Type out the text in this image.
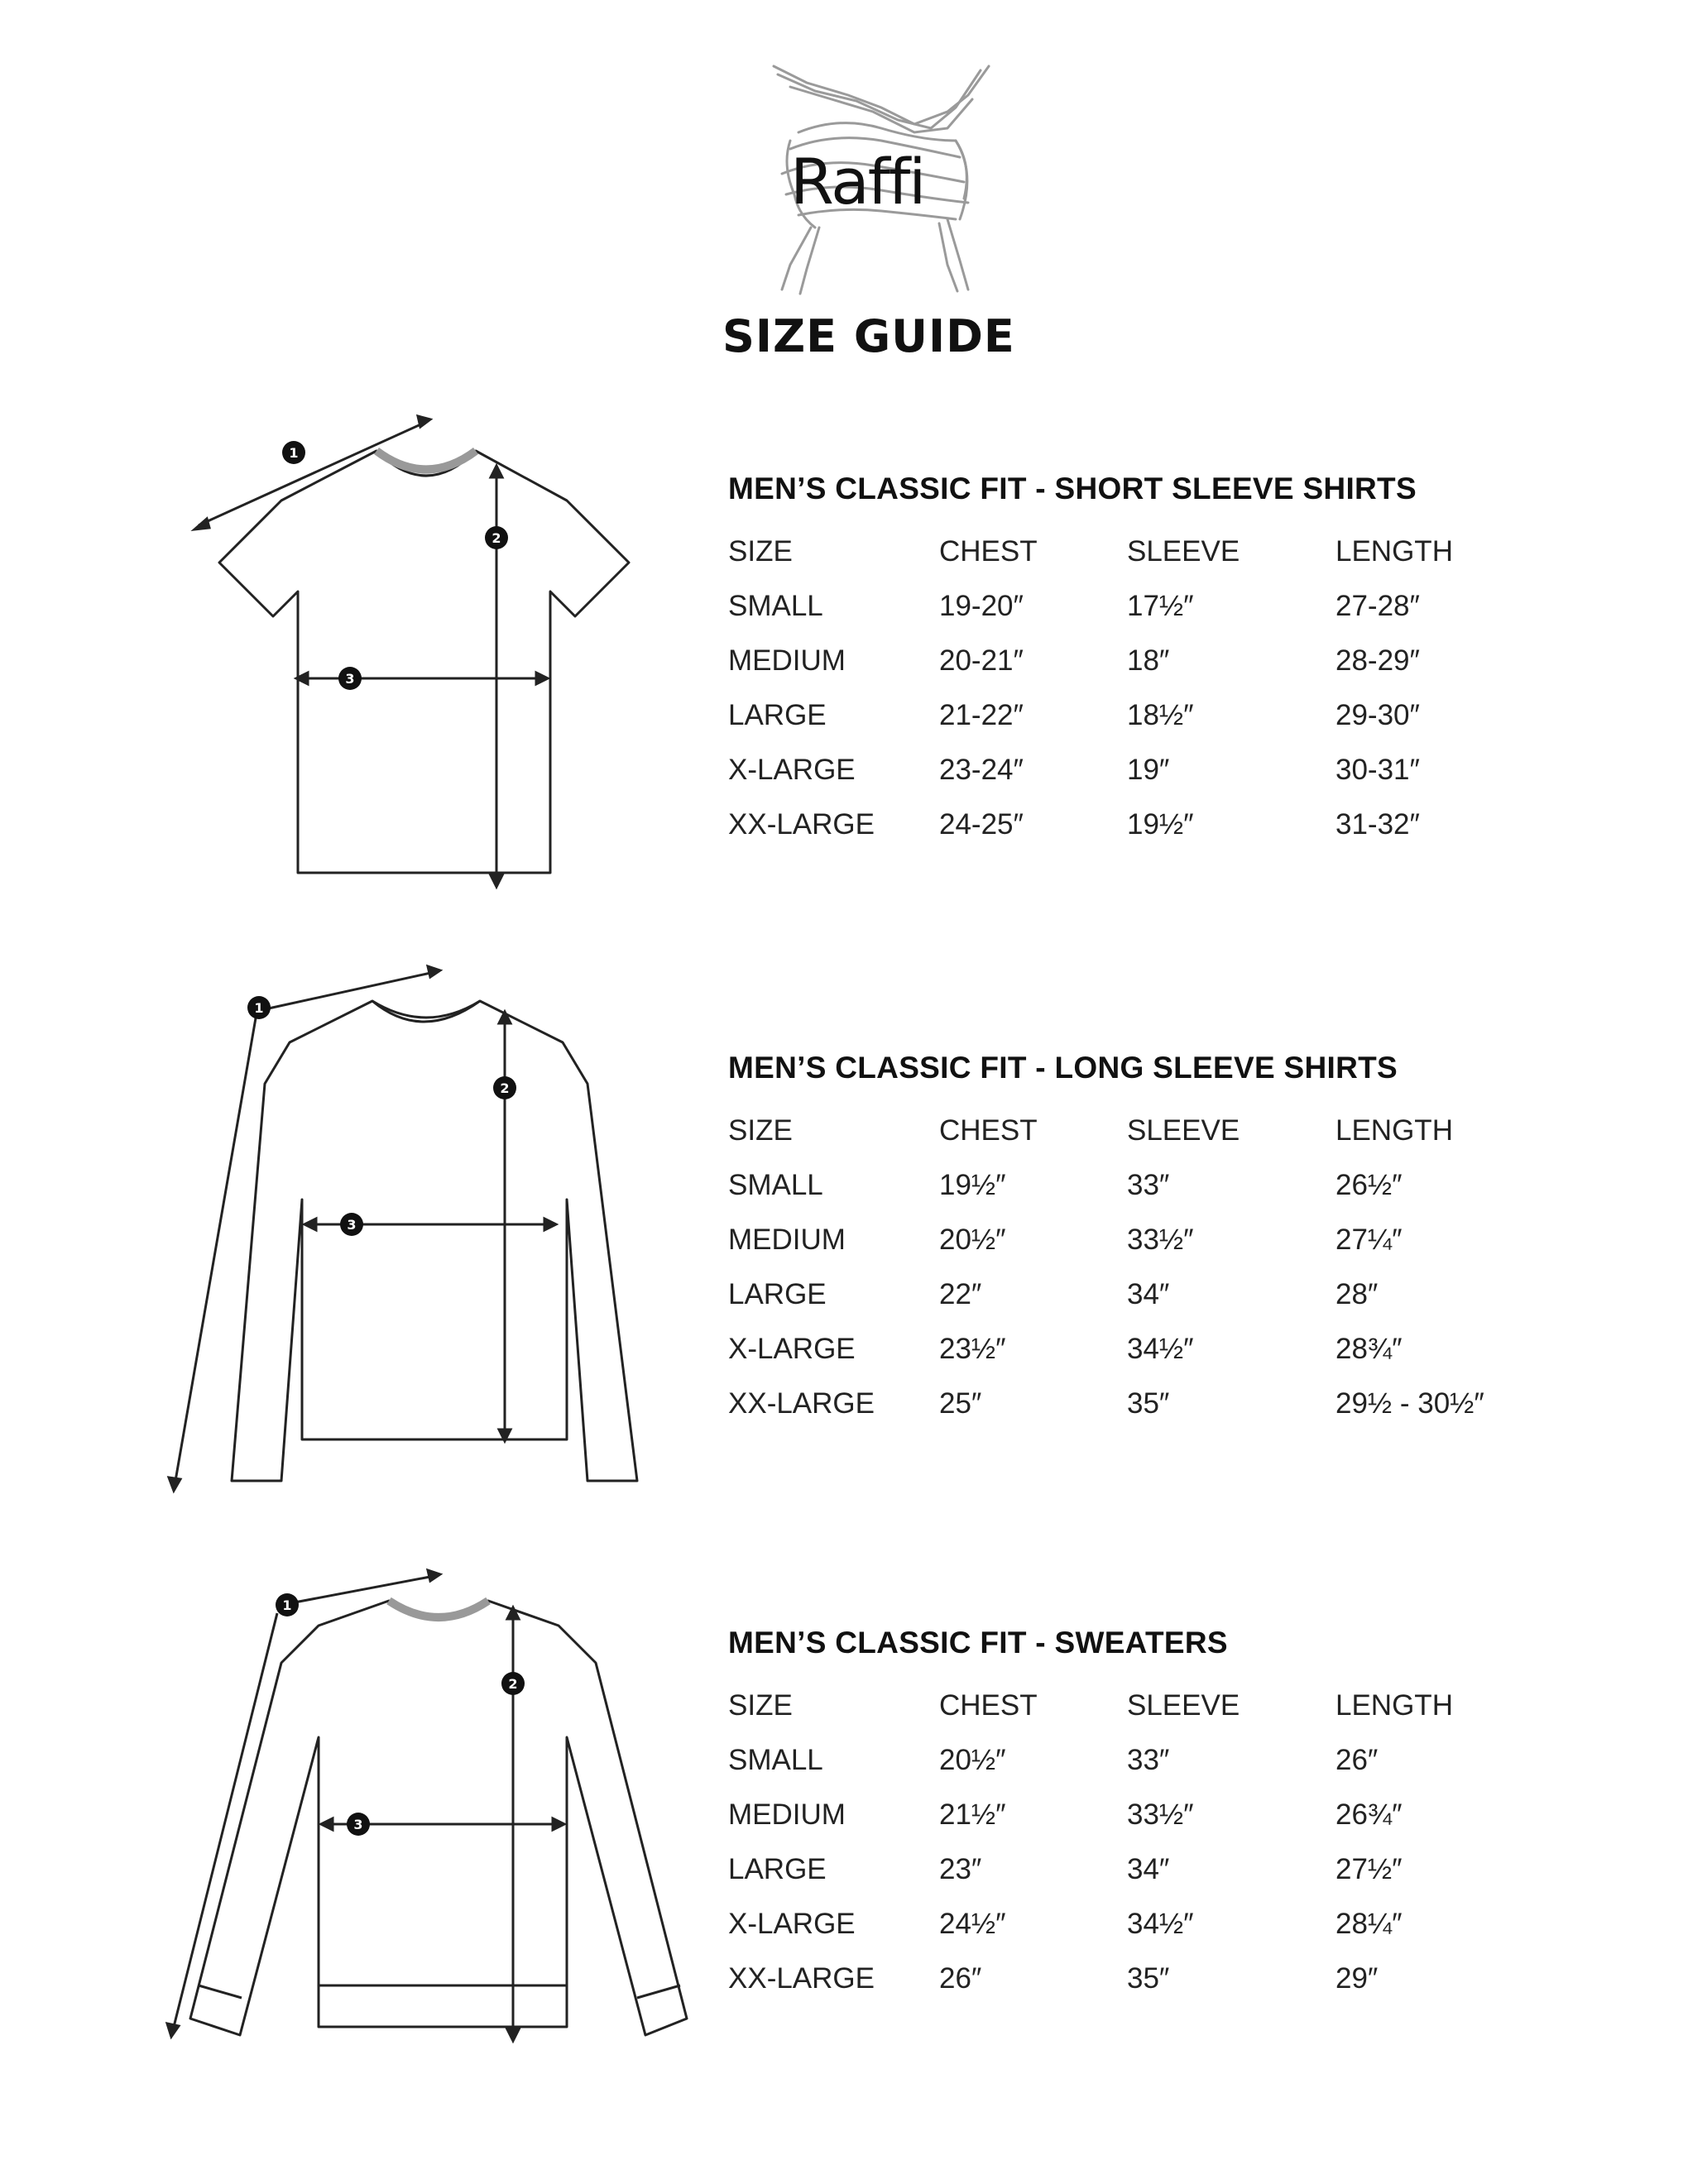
Raffi
SIZE GUIDE
1
2
3
1
2
3
1
2
3
MEN’S CLASSIC FIT - SHORT SLEEVE SHIRTS
SIZE	CHEST	SLEEVE	LENGTH
SMALL	19-20″	17½″	27-28″
MEDIUM	20-21″	18″	28-29″
LARGE	21-22″	18½″	29-30″
X-LARGE	23-24″	19″	30-31″
XX-LARGE	24-25″	19½″	31-32″
MEN’S CLASSIC FIT - LONG SLEEVE SHIRTS
SIZE	CHEST	SLEEVE	LENGTH
SMALL	19½″	33″	26½″
MEDIUM	20½″	33½″	27¼″
LARGE	22″	34″	28″
X-LARGE	23½″	34½″	28¾″
XX-LARGE	25″	35″	29½ - 30½″
MEN’S CLASSIC FIT - SWEATERS
SIZE	CHEST	SLEEVE	LENGTH
SMALL	20½″	33″	26″
MEDIUM	21½″	33½″	26¾″
LARGE	23″	34″	27½″
X-LARGE	24½″	34½″	28¼″
XX-LARGE	26″	35″	29″
